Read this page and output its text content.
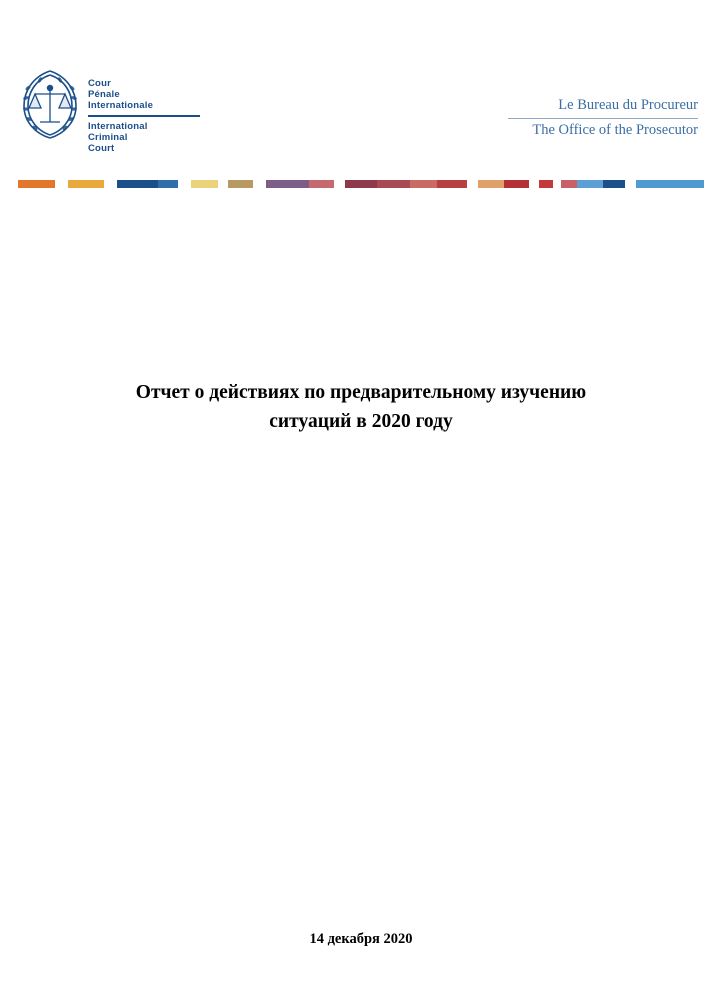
Cour
Pénale
Internationale
International
Criminal
Court
Le Bureau du Procureur
The Office of the Prosecutor
Отчет о действиях по предварительному изучению ситуаций в 2020 году
14 декабря 2020
